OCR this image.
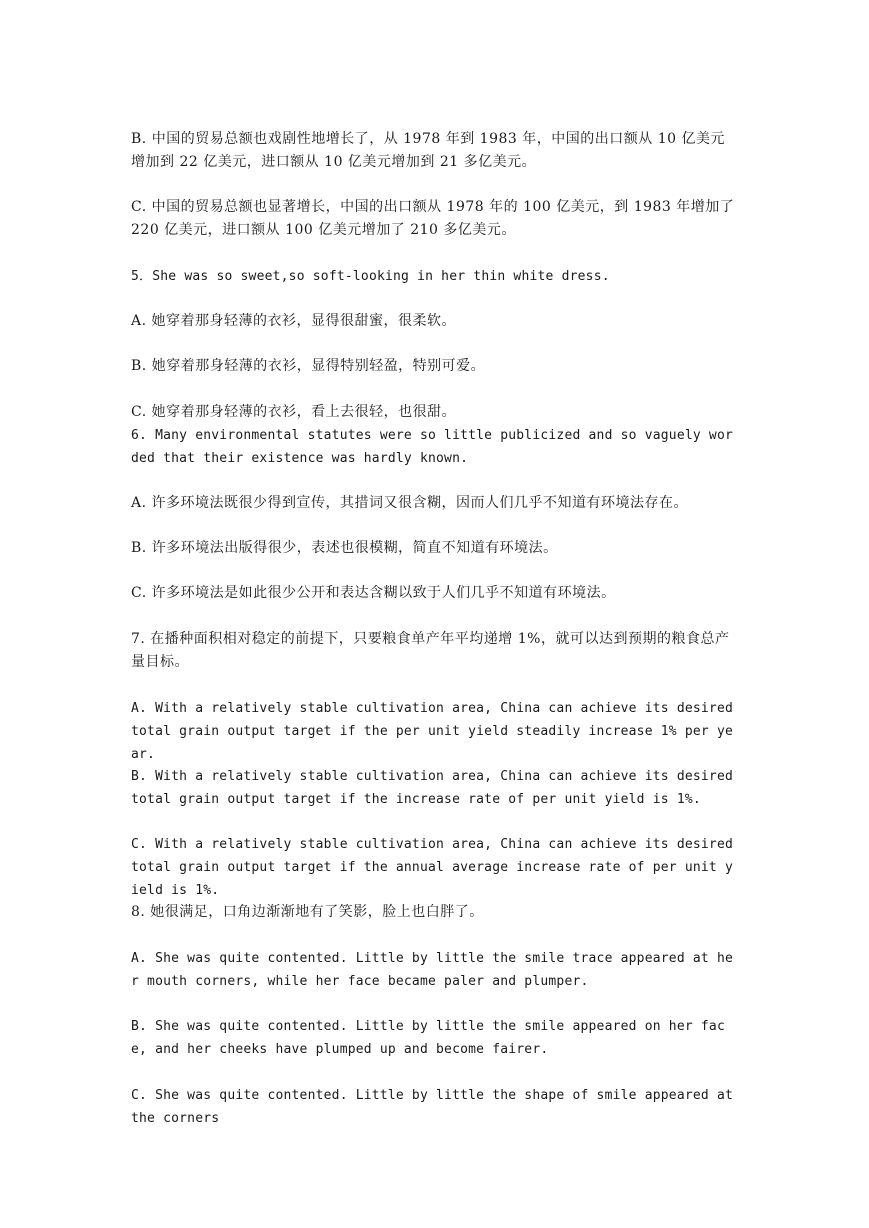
B. 中国的贸易总额也戏剧性地增长了，从 1978 年到 1983 年，中国的出口额从 10 亿美元增加到 22 亿美元，进口额从 10 亿美元增加到 21 多亿美元。

C. 中国的贸易总额也显著增长，中国的出口额从 1978 年的 100 亿美元，到 1983 年增加了 220 亿美元，进口额从 100 亿美元增加了 210 多亿美元。

5．She was so sweet,so soft-looking in her thin white dress.

A. 她穿着那身轻薄的衣衫，显得很甜蜜，很柔软。

B. 她穿着那身轻薄的衣衫，显得特别轻盈，特别可爱。

C. 她穿着那身轻薄的衣衫，看上去很轻，也很甜。

6. Many environmental statutes were so little publicized and so vaguely worded that their existence was hardly known.

A. 许多环境法既很少得到宣传，其措词又很含糊，因而人们几乎不知道有环境法存在。

B. 许多环境法出版得很少，表述也很模糊，简直不知道有环境法。

C. 许多环境法是如此很少公开和表达含糊以致于人们几乎不知道有环境法。

7. 在播种面积相对稳定的前提下，只要粮食单产年平均递增 1%，就可以达到预期的粮食总产量目标。

A. With a relatively stable cultivation area, China can achieve its desired total grain output target if the per unit yield steadily increase 1% per year.

B. With a relatively stable cultivation area, China can achieve its desired total grain output target if the increase rate of per unit yield is 1%.

C. With a relatively stable cultivation area, China can achieve its desired total grain output target if the annual average increase rate of per unit yield is 1%.

8. 她很满足，口角边渐渐地有了笑影，脸上也白胖了。

A. She was quite contented. Little by little the smile trace appeared at her mouth corners, while her face became paler and plumper.

B. She was quite contented. Little by little the smile appeared on her face, and her cheeks have plumped up and become fairer.

C. She was quite contented. Little by little the shape of smile appeared at the corners
